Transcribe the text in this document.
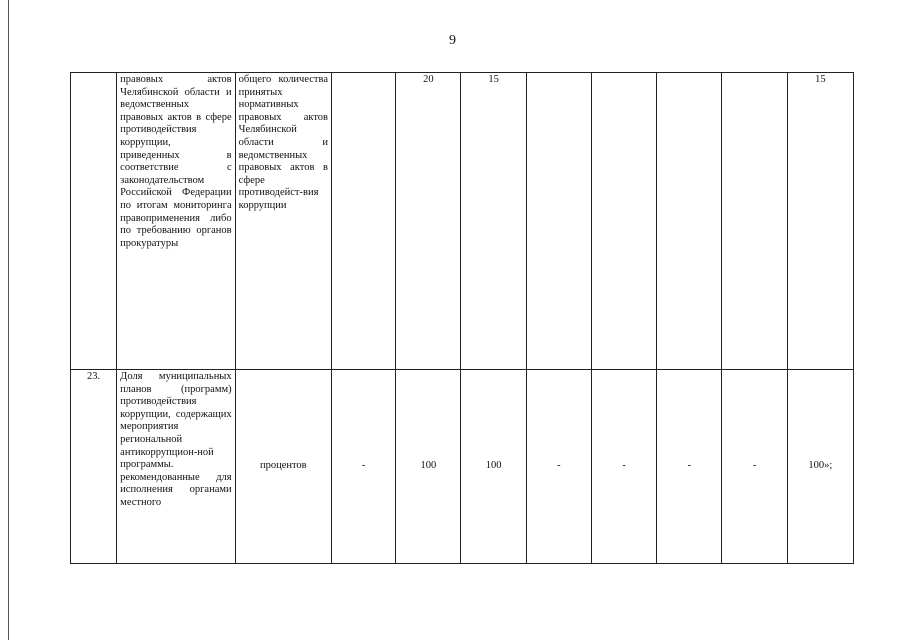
9
	правовых актов Челябинской области и ведомственных правовых актов в сфере противодействия коррупции, приведенных в соответствие с законодательством Российской Федерации по итогам мониторинга правоприменения либо по требованию органов прокуратуры	общего количества принятых нормативных правовых актов Челябинской области и ведомственных правовых актов в сфере противодейст-вия коррупции		20	15					15
23.	Доля муниципальных планов (программ) противодействия коррупции, содержащих мероприятия региональной антикоррупцион-ной программы. рекомендованные для исполнения органами местного	процентов	-	100	100	-	-	-	-	100»;
